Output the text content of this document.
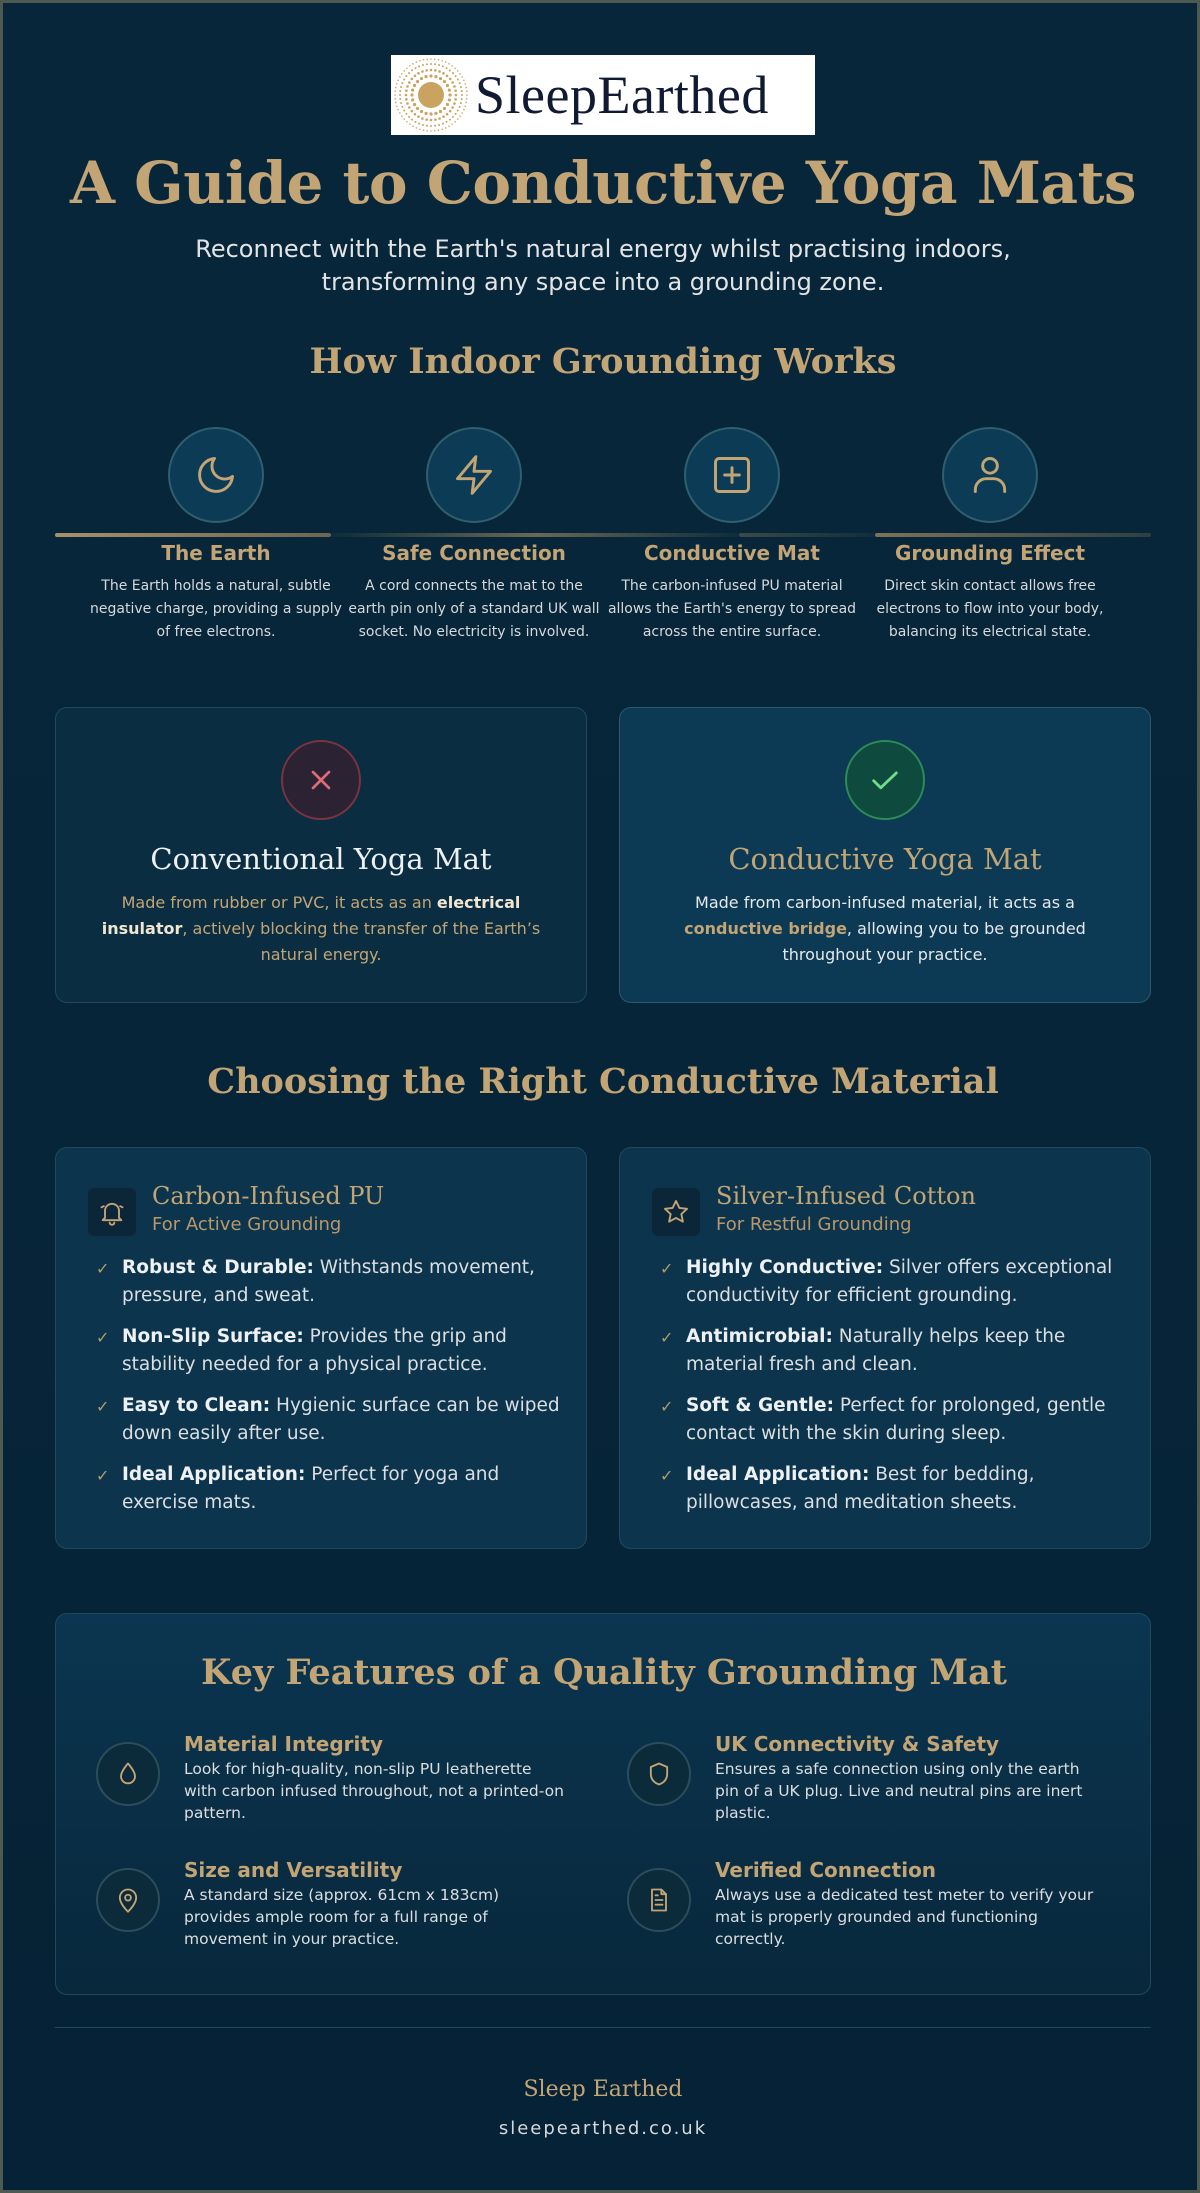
SleepEarthed
A Guide to Conductive Yoga Mats

Reconnect with the Earth's natural energy whilst practising indoors, transforming any space into a grounding zone.

How Indoor Grounding Works
The Earth
The Earth holds a natural, subtle negative charge, providing a supply of free electrons.
Safe Connection
A cord connects the mat to the earth pin only of a standard UK wall socket. No electricity is involved.
Conductive Mat
The carbon-infused PU material allows the Earth's energy to spread across the entire surface.
Grounding Effect
Direct skin contact allows free electrons to flow into your body, balancing its electrical state.
Conventional Yoga Mat

Made from rubber or PVC, it acts as an electrical insulator, actively blocking the transfer of the Earth’s natural energy.

Conductive Yoga Mat

Made from carbon-infused material, it acts as a conductive bridge, allowing you to be grounded throughout your practice.

Choosing the Right Conductive Material
Carbon-Infused PU
For Active Grounding
✓ Robust & Durable: Withstands movement, pressure, and sweat.
✓ Non-Slip Surface: Provides the grip and stability needed for a physical practice.
✓ Easy to Clean: Hygienic surface can be wiped down easily after use.
✓ Ideal Application: Perfect for yoga and exercise mats.
Silver-Infused Cotton
For Restful Grounding
✓ Highly Conductive: Silver offers exceptional conductivity for efficient grounding.
✓ Antimicrobial: Naturally helps keep the material fresh and clean.
✓ Soft & Gentle: Perfect for prolonged, gentle contact with the skin during sleep.
✓ Ideal Application: Best for bedding, pillowcases, and meditation sheets.
Key Features of a Quality Grounding Mat
Material Integrity
Look for high-quality, non-slip PU leatherette with carbon infused throughout, not a printed-on pattern.
UK Connectivity & Safety
Ensures a safe connection using only the earth pin of a UK plug. Live and neutral pins are inert plastic.
Size and Versatility
A standard size (approx. 61cm x 183cm) provides ample room for a full range of movement in your practice.
Verified Connection
Always use a dedicated test meter to verify your mat is properly grounded and functioning correctly.
Sleep Earthed
sleepearthed.co.uk
